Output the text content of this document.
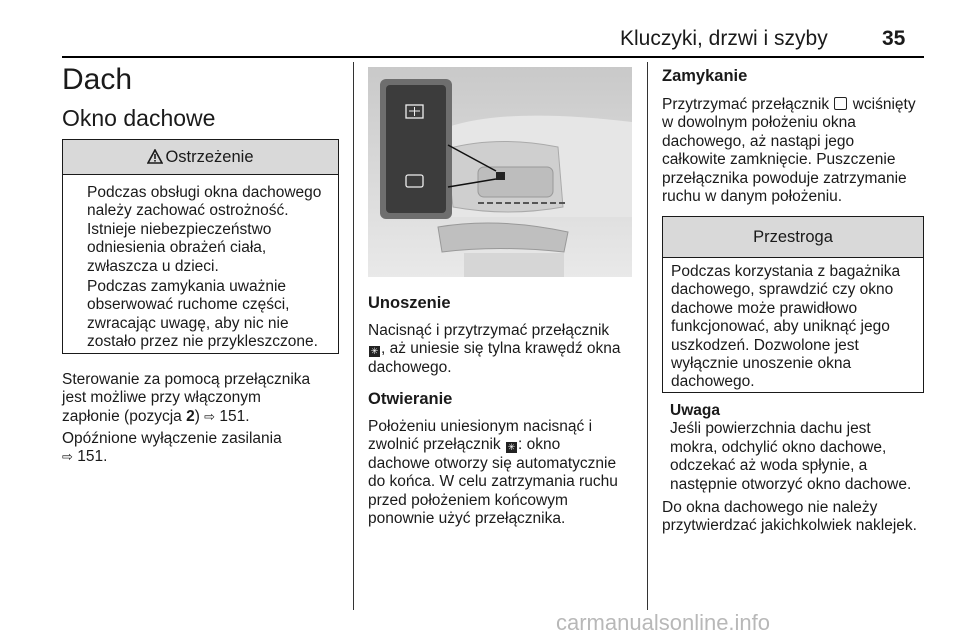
Kluczyki, drzwi i szyby	35
Dach
Okno dachowe
Ostrzeżenie
Podczas obsługi okna dachowego
należy zachować ostrożność.
Istnieje niebezpieczeństwo
odniesienia obrażeń ciała,
zwłaszcza u dzieci.
Podczas zamykania uważnie
obserwować ruchome części,
zwracając uwagę, aby nic nie
zostało przez nie przykleszczone.
Sterowanie za pomocą przełącznika
jest możliwe przy włączonym
zapłonie (pozycja 2) ⇨ 151.
Opóźnione wyłączenie zasilania
⇨ 151.
Unoszenie
Nacisnąć i przytrzymać przełącznik
✳ , aż uniesie się tylna krawędź okna
dachowego.
Otwieranie
Położeniu uniesionym nacisnąć i
zwolnić przełącznik ✳ : okno
dachowe otworzy się automatycznie
do końca. W celu zatrzymania ruchu
przed położeniem końcowym
ponownie użyć przełącznika.
Zamykanie
Przytrzymać przełącznik  wciśnięty
w dowolnym położeniu okna
dachowego, aż nastąpi jego
całkowite zamknięcie. Puszczenie
przełącznika powoduje zatrzymanie
ruchu w danym położeniu.
Przestroga
Podczas korzystania z bagażnika
dachowego, sprawdzić czy okno
dachowe może prawidłowo
funkcjonować, aby uniknąć jego
uszkodzeń. Dozwolone jest
wyłącznie unoszenie okna
dachowego.
Uwaga
Jeśli powierzchnia dachu jest
mokra, odchylić okno dachowe,
odczekać aż woda spłynie, a
następnie otworzyć okno dachowe.
Do okna dachowego nie należy
przytwierdzać jakichkolwiek naklejek.
carmanualsonline.info
